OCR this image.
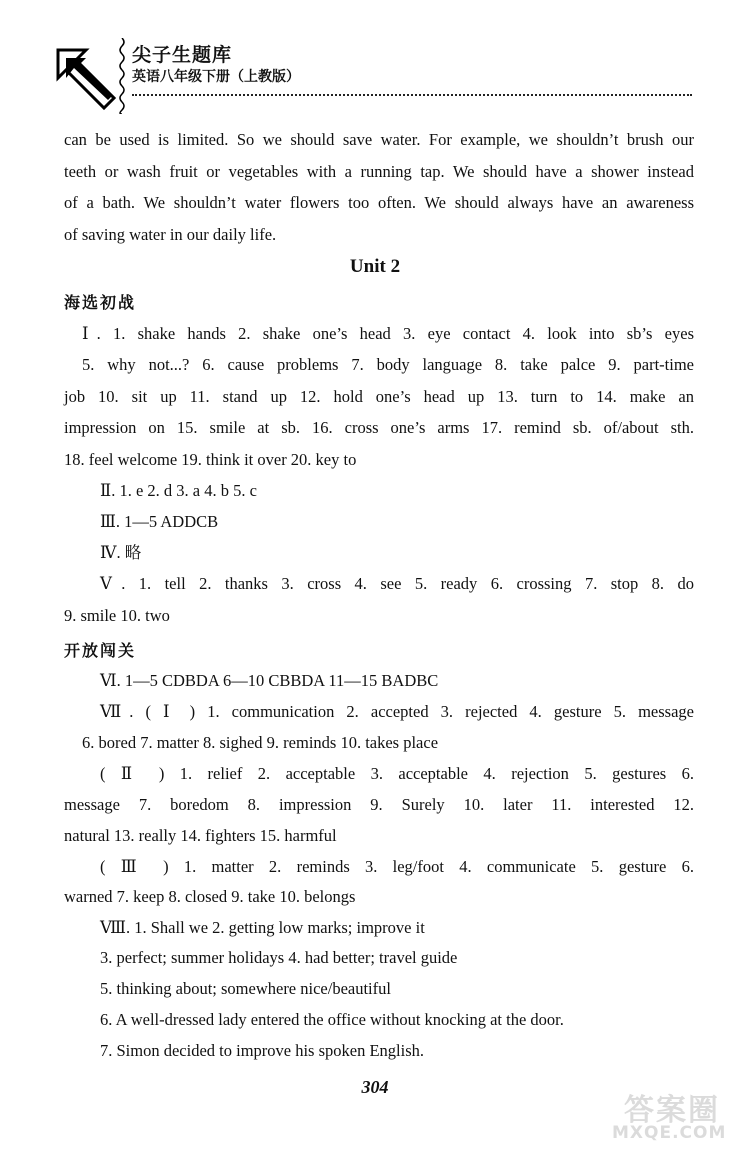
尖子生题库
英语八年级下册（上教版）
can be used is limited. So we should save water. For example, we shouldn’t brush our
teeth or wash fruit or vegetables with a running tap. We should have a shower instead
of a bath. We shouldn’t water flowers too often. We should always have an awareness
of saving water in our daily life.
Unit 2
海选初战
Ⅰ. 1. shake hands 2. shake one’s head 3. eye contact 4. look into sb’s eyes
5. why not...? 6. cause problems 7. body language 8. take palce 9. part-time
job 10. sit up 11. stand up 12. hold one’s head up 13. turn to 14. make an
impression on 15. smile at sb. 16. cross one’s arms 17. remind sb. of/about sth.
18. feel welcome 19. think it over 20. key to
Ⅱ. 1. e 2. d 3. a 4. b 5. c
Ⅲ. 1—5 ADDCB
Ⅳ. 略
Ⅴ. 1. tell 2. thanks 3. cross 4. see 5. ready 6. crossing 7. stop 8. do
9. smile 10. two
开放闯关
Ⅵ. 1—5 CDBDA 6—10 CBBDA 11—15 BADBC
Ⅶ. ( Ⅰ ) 1. communication 2. accepted 3. rejected 4. gesture 5. message
6. bored 7. matter 8. sighed 9. reminds 10. takes place
( Ⅱ ) 1. relief 2. acceptable 3. acceptable 4. rejection 5. gestures 6.
message 7. boredom 8. impression 9. Surely 10. later 11. interested 12.
natural 13. really 14. fighters 15. harmful
( Ⅲ ) 1. matter 2. reminds 3. leg/foot 4. communicate 5. gesture 6.
warned 7. keep 8. closed 9. take 10. belongs
Ⅷ. 1. Shall we 2. getting low marks; improve it
3. perfect; summer holidays 4. had better; travel guide
5. thinking about; somewhere nice/beautiful
6. A well-dressed lady entered the office without knocking at the door.
7. Simon decided to improve his spoken English.
304
答案圈
MXQE.COM
